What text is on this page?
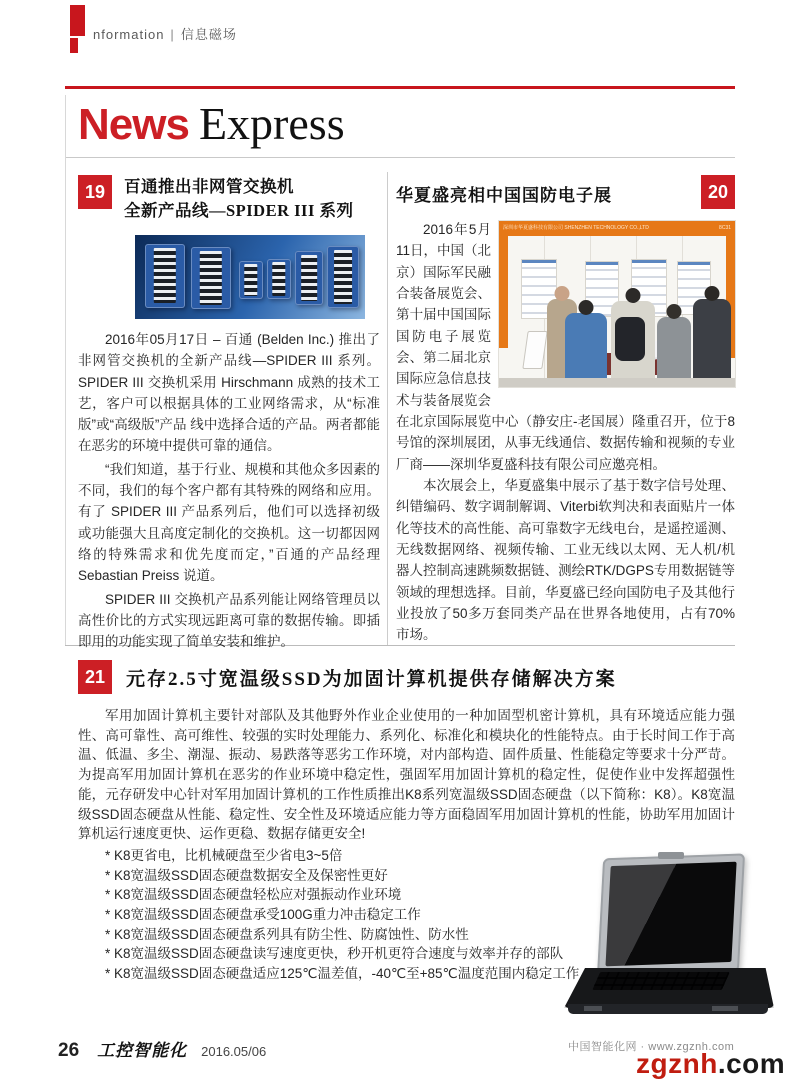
nformation | 信息磁场
News Express
19	百通推出非网管交换机
全新产品线—SPIDER III 系列

2016年05月17日 – 百通 (Belden Inc.) 推出了非网管交换机的全新产品线—SPIDER III 系列。SPIDER III 交换机采用 Hirschmann 成熟的技术工艺，客户可以根据具体的工业网络需求，从“标准版”或“高级版”产品 线中选择合适的产品。两者都能在恶劣的环境中提供可靠的通信。

“我们知道，基于行业、规模和其他众多因素的不同，我们的每个客户都有其特殊的网络和应用。有了 SPIDER III 产品系列后，他们可以选择初级或功能强大且高度定制化的交换机。这一切都因网络的特殊需求和优先度而定，”百通的产品经理 Sebastian Preiss 说道。

SPIDER III 交换机产品系列能让网络管理员以高性价比的方式实现远距离可靠的数据传输。即插即用的功能实现了简单安装和维护。

华夏盛亮相中国国防电子展	20
深圳市华夏盛科技有限公司 SHENZHEN TECHNOLOGY CO.,LTD	8C31

2016年5月11日，中国（北京）国际军民融合装备展览会、第十届中国国际国防电子展览会、第二届北京国际应急信息技术与装备展览会在北京国际展览中心（静安庄-老国展）隆重召开，位于8号馆的深圳展团，从事无线通信、数据传输和视频的专业厂商——深圳华夏盛科技有限公司应邀亮相。

本次展会上，华夏盛集中展示了基于数字信号处理、纠错编码、数字调制解调、Viterbi软判决和表面贴片一体化等技术的高性能、高可靠数字无线电台，是遥控遥测、无线数据网络、视频传输、工业无线以太网、无人机/机器人控制高速跳频数据链、测绘RTK/DGPS专用数据链等领域的理想选择。目前，华夏盛已经向国防电子及其他行业投放了50多万套同类产品在世界各地使用，占有70%市场。

21	元存2.5寸宽温级SSD为加固计算机提供存储解决方案

军用加固计算机主要针对部队及其他野外作业企业使用的一种加固型机密计算机，具有环境适应能力强性、高可靠性、高可维性、较强的实时处理能力、系列化、标准化和模块化的性能特点。由于长时间工作于高温、低温、多尘、潮湿、振动、易跌落等恶劣工作环境，对内部构造、固件质量、性能稳定等要求十分严苛。为提高军用加固计算机在恶劣的作业环境中稳定性，强固军用加固计算机的稳定性，促使作业中发挥超强性能，元存研发中心针对军用加固计算机的工作性质推出K8系列宽温级SSD固态硬盘（以下简称：K8）。K8宽温级SSD固态硬盘从性能、稳定性、安全性及环境适应能力等方面稳固军用加固计算机的性能，协助军用加固计算机运行速度更快、运作更稳、数据存储更安全!

* K8更省电，比机械硬盘至少省电3~5倍
* K8宽温级SSD固态硬盘数据安全及保密性更好
* K8宽温级SSD固态硬盘轻松应对强振动作业环境
* K8宽温级SSD固态硬盘承受100G重力冲击稳定工作
* K8宽温级SSD固态硬盘系列具有防尘性、防腐蚀性、防水性
* K8宽温级SSD固态硬盘读写速度更快，秒开机更符合速度与效率并存的部队
* K8宽温级SSD固态硬盘适应125℃温差值，-40℃至+85℃温度范围内稳定工作
26 工控智能化 2016.05/06	中国智能化网 · www.zgznh.com
zgznh.com
